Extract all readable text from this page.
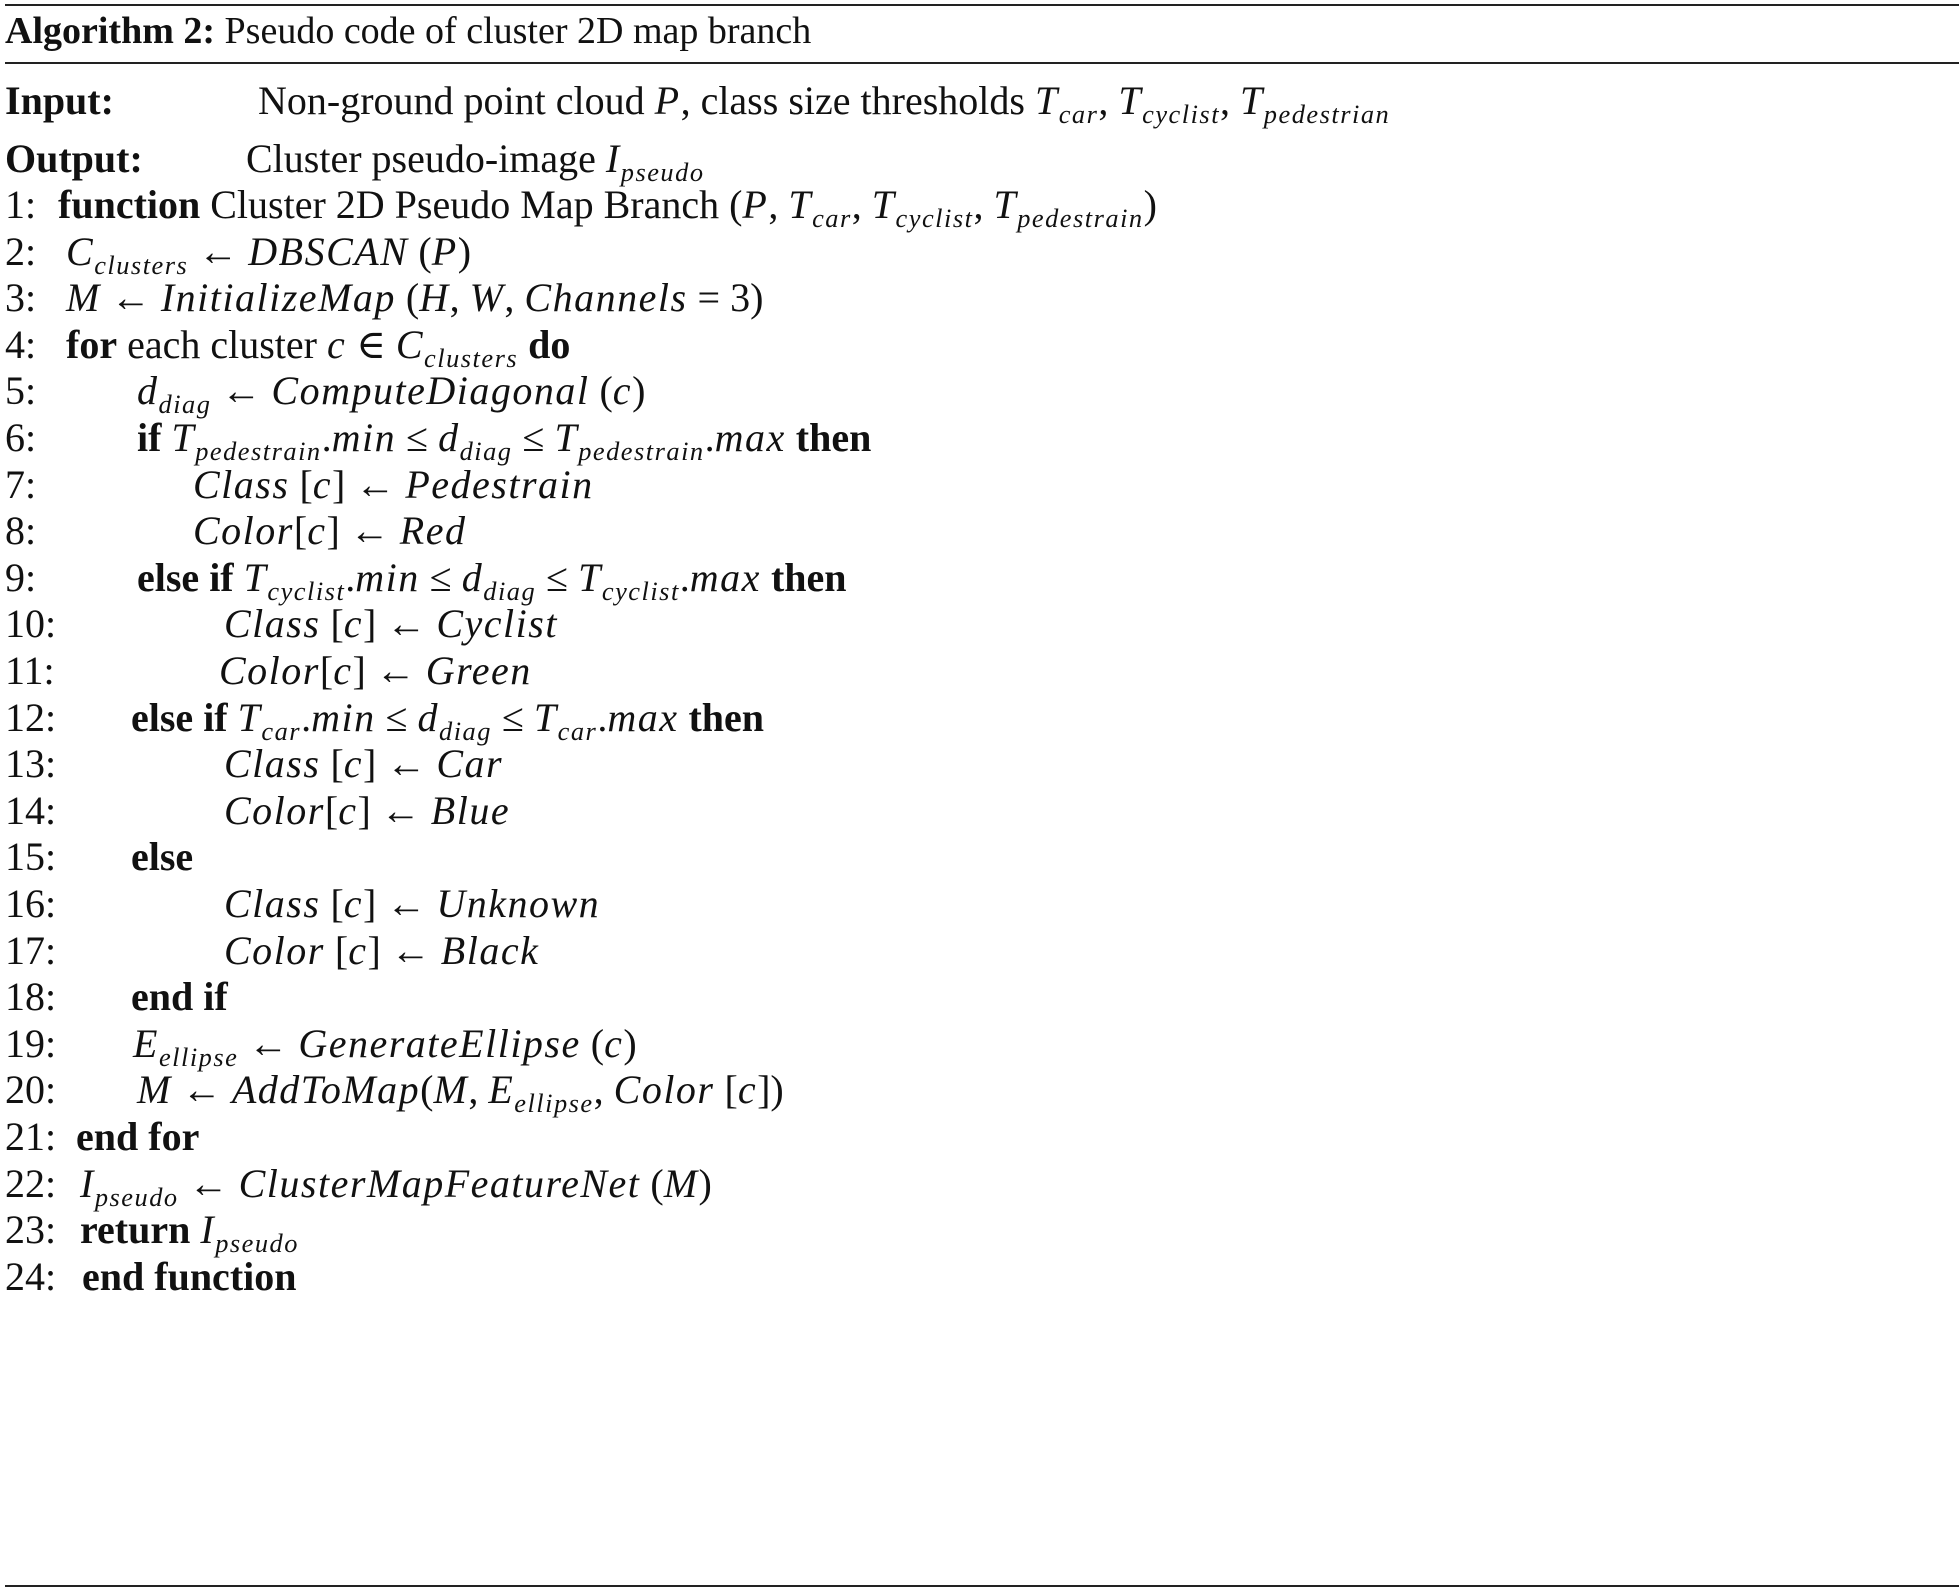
Algorithm 2: Pseudo code of cluster 2D map branch
Input:	Non-ground point cloud P, class size thresholds $T_{car}$, $T_{cyclist}$, $T_{pedestrian}$
Output:	Cluster pseudo-image $I_{pseudo}$
1: function Cluster 2D Pseudo Map Branch (P, $T_{car}$, $T_{cyclist}$, $T_{pedestrain}$)
2: $C_{clusters}$ ← DBSCAN (P)
3: M ← InitializeMap (H, W, Channels = 3)
4: for each cluster c ∈ $C_{clusters}$ do
5:	$d_{diag}$ ← ComputeDiagonal (c)
6:	if $T_{pedestrain}.\min \le d_{diag} \le T_{pedestrain}.\max$ then
7:	Class [c] ← Pedestrain
8:	Color[c] ← Red
9:	else if $T_{cyclist}.\min \le d_{diag} \le T_{cyclist}.\max$ then
10:	Class [c] ← Cyclist
11:	Color[c] ← Green
12: else if $T_{car}.\min \le d_{diag} \le T_{car}.\max$ then
13:	Class [c] ← Car
14:	Color[c] ← Blue
15: else
16:	Class [c] ← Unknown
17:	Color [c] ← Black
18: end if
19: $E_{ellipse}$ ← GenerateEllipse (c)
20: M ← AddToMap(M, $E_{ellipse}$, Color [c])
21: end for
22: $I_{pseudo}$ ← ClusterMapFeatureNet (M)
23: return $I_{pseudo}$
24: end function
